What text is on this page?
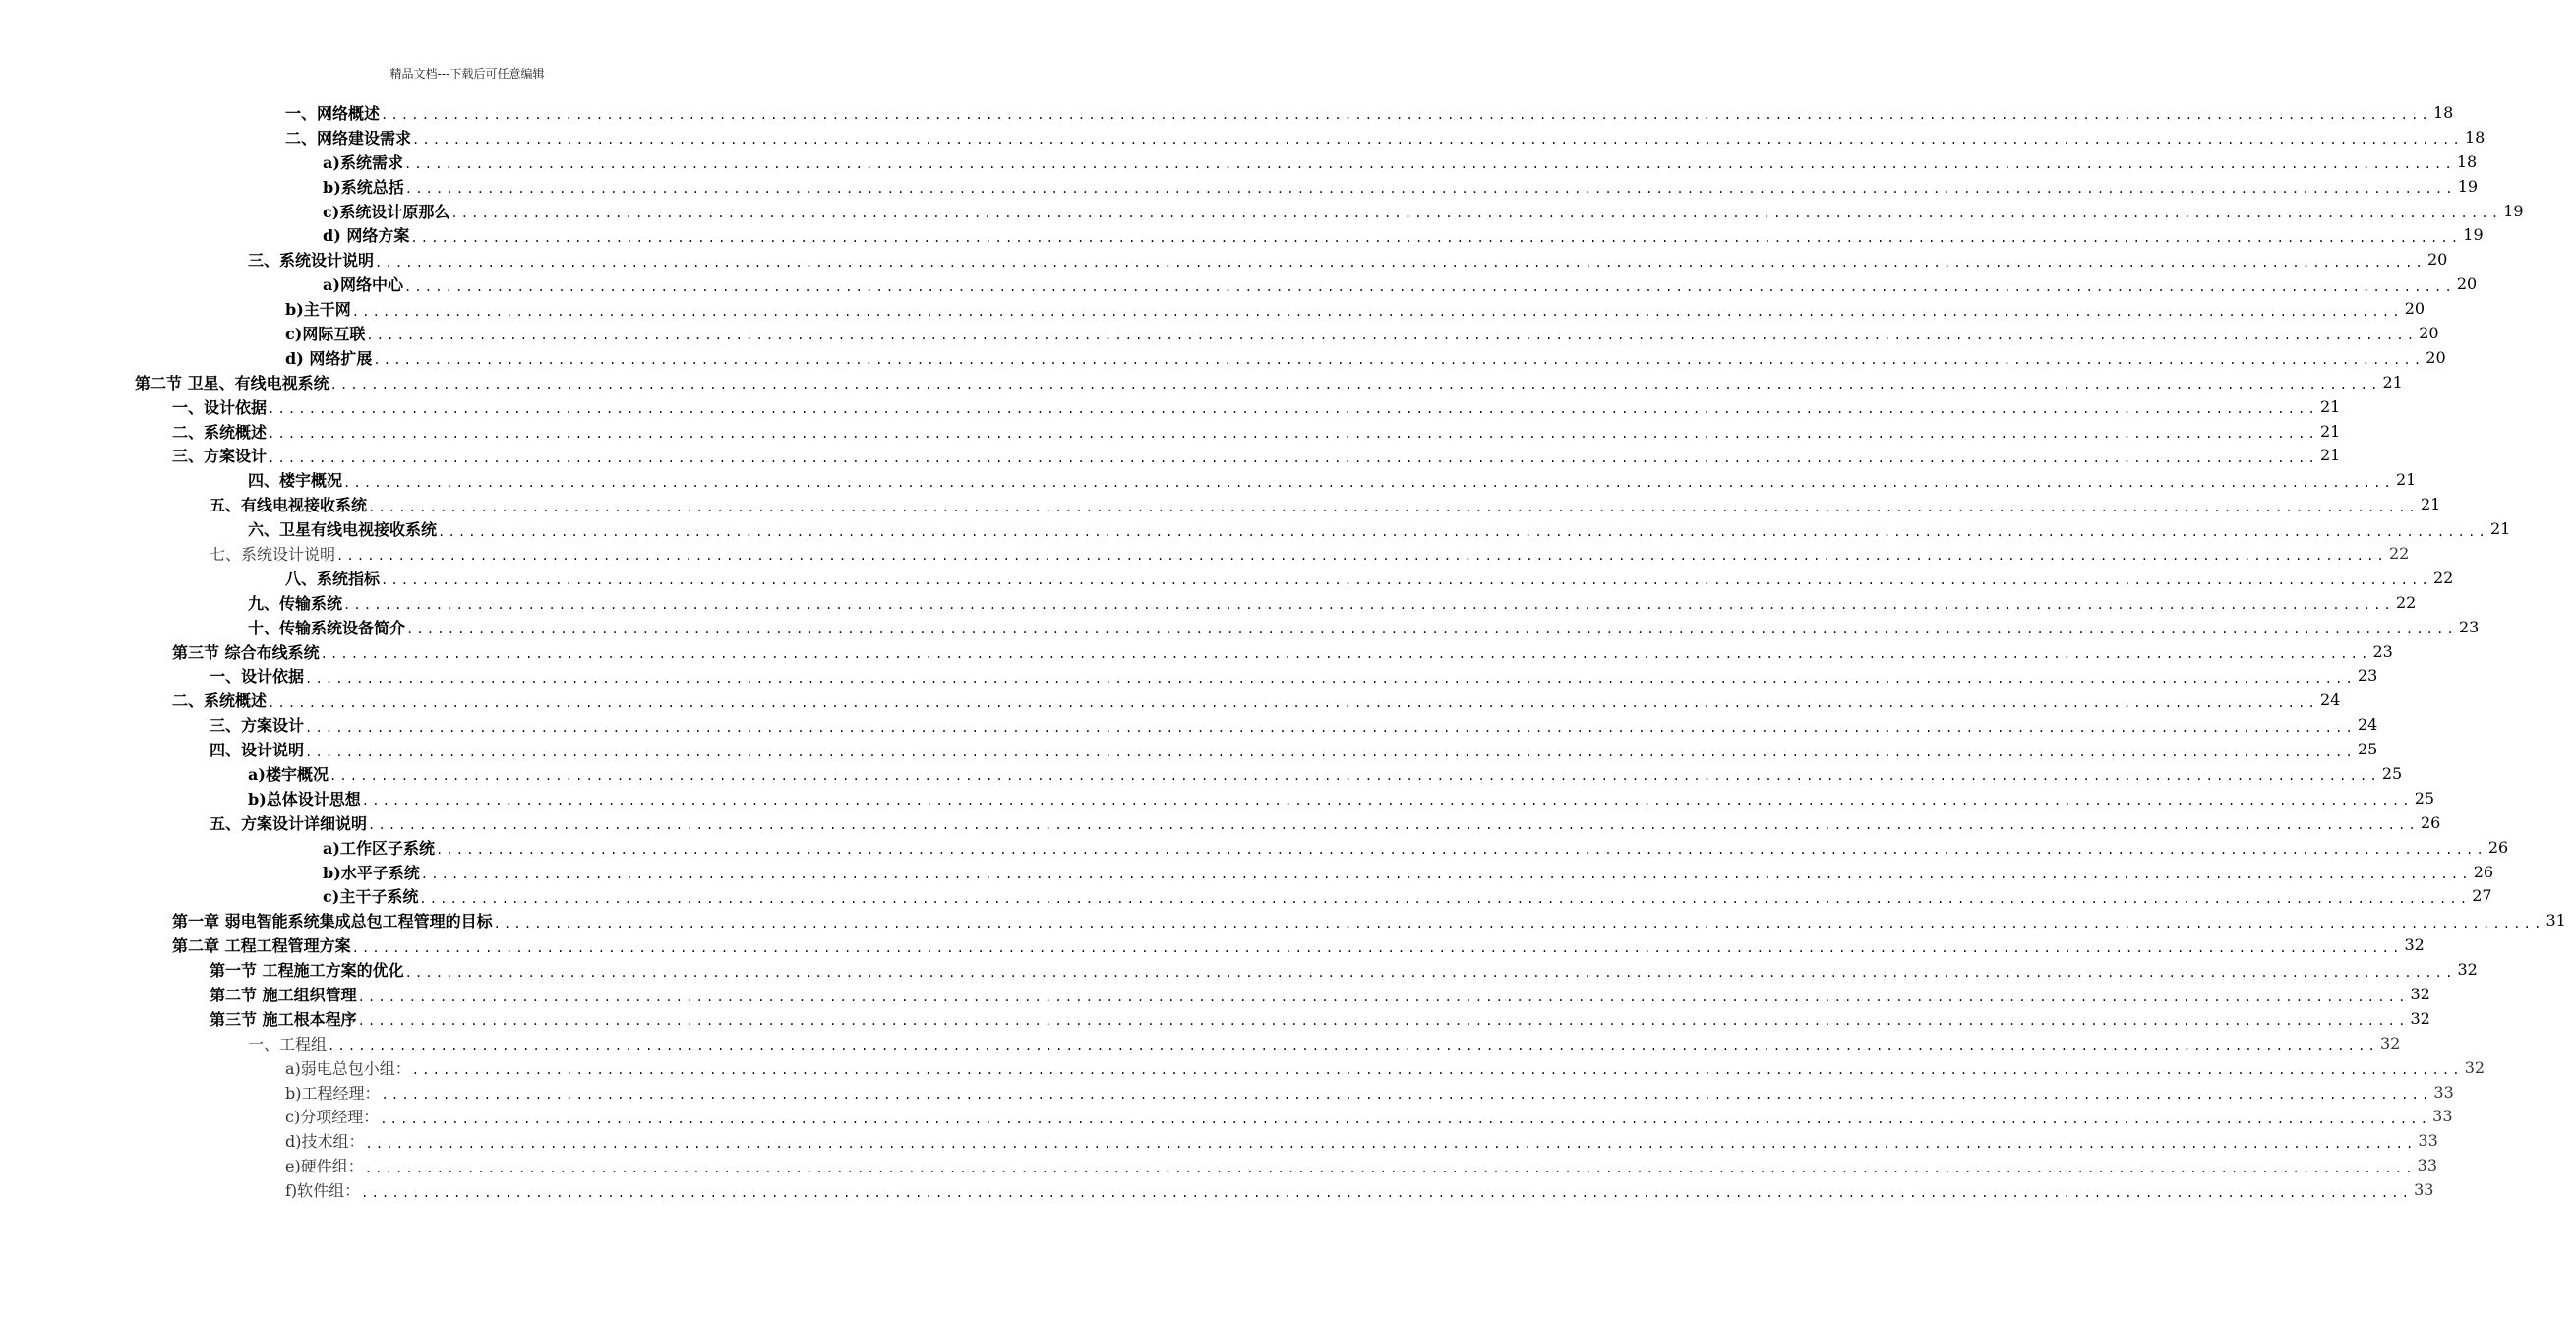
精品文档---下载后可任意编辑
一、网络概述 ........................................................................................................................................................................................................ 18
二、网络建设需求 ........................................................................................................................................................................................................ 18
a)系统需求 ........................................................................................................................................................................................................ 18
b)系统总括 ........................................................................................................................................................................................................ 19
c)系统设计原那么 ........................................................................................................................................................................................................ 19
d) 网络方案 ........................................................................................................................................................................................................ 19
三、系统设计说明 ........................................................................................................................................................................................................ 20
a)网络中心 ........................................................................................................................................................................................................ 20
b)主干网 ........................................................................................................................................................................................................ 20
c)网际互联 ........................................................................................................................................................................................................ 20
d) 网络扩展 ........................................................................................................................................................................................................ 20
第二节 卫星、有线电视系统 ........................................................................................................................................................................................................ 21
一、设计依据 ........................................................................................................................................................................................................ 21
二、系统概述 ........................................................................................................................................................................................................ 21
三、方案设计 ........................................................................................................................................................................................................ 21
四、楼宇概况 ........................................................................................................................................................................................................ 21
五、有线电视接收系统 ........................................................................................................................................................................................................ 21
六、卫星有线电视接收系统 ........................................................................................................................................................................................................ 21
七、系统设计说明 ........................................................................................................................................................................................................ 22
八、系统指标 ........................................................................................................................................................................................................ 22
九、传输系统 ........................................................................................................................................................................................................ 22
十、传输系统设备简介 ........................................................................................................................................................................................................ 23
第三节 综合布线系统 ........................................................................................................................................................................................................ 23
一、设计依据 ........................................................................................................................................................................................................ 23
二、系统概述 ........................................................................................................................................................................................................ 24
三、方案设计 ........................................................................................................................................................................................................ 24
四、设计说明 ........................................................................................................................................................................................................ 25
a)楼宇概况 ........................................................................................................................................................................................................ 25
b)总体设计思想 ........................................................................................................................................................................................................ 25
五、方案设计详细说明 ........................................................................................................................................................................................................ 26
a)工作区子系统 ........................................................................................................................................................................................................ 26
b)水平子系统 ........................................................................................................................................................................................................ 26
c)主干子系统 ........................................................................................................................................................................................................ 27
第一章 弱电智能系统集成总包工程管理的目标 ........................................................................................................................................................................................................ 31
第二章 工程工程管理方案 ........................................................................................................................................................................................................ 32
第一节 工程施工方案的优化 ........................................................................................................................................................................................................ 32
第二节 施工组织管理 ........................................................................................................................................................................................................ 32
第三节 施工根本程序 ........................................................................................................................................................................................................ 32
一、工程组 ........................................................................................................................................................................................................ 32
a)弱电总包小组： ........................................................................................................................................................................................................ 32
b)工程经理： ........................................................................................................................................................................................................ 33
c)分项经理： ........................................................................................................................................................................................................ 33
d)技术组： ........................................................................................................................................................................................................ 33
e)硬件组： ........................................................................................................................................................................................................ 33
f)软件组： ........................................................................................................................................................................................................ 33
